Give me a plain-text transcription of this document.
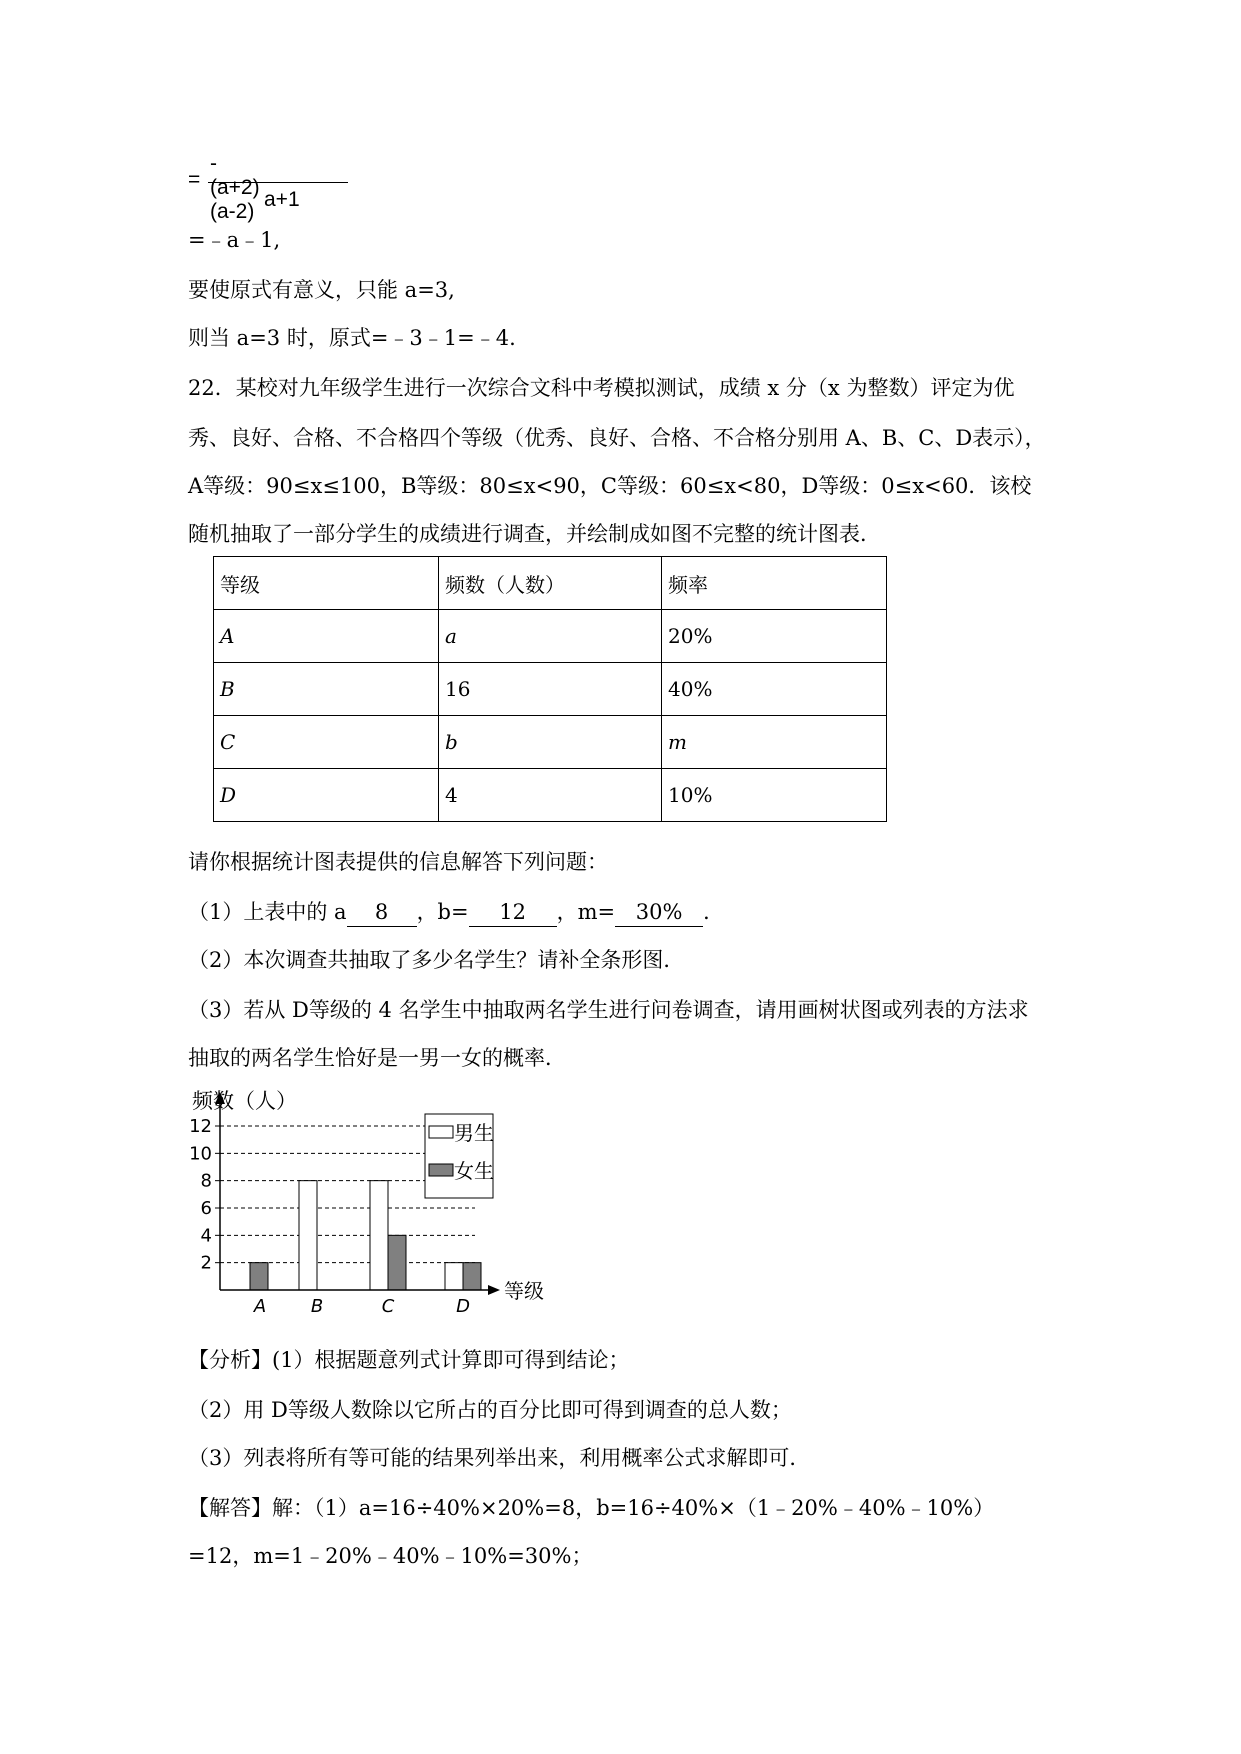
=
-(a+2)(a-2)
a+1
=﹣a﹣1,
要使原式有意义，只能 a=3,
则当 a=3 时，原式=﹣3﹣1=﹣4.
22．某校对九年级学生进行一次综合文科中考模拟测试，成绩 x 分（x 为整数）评定为优
秀、良好、合格、不合格四个等级（优秀、良好、合格、不合格分别用 A、B、C、D表示），
A等级：90≤x≤100，B等级：80≤x<90，C等级：60≤x<80，D等级：0≤x<60．该校
随机抽取了一部分学生的成绩进行调查，并绘制成如图不完整的统计图表．
等级	频数（人数）	频率
A	a	20%
B	16	40%
C	b	m
D	4	10%
请你根据统计图表提供的信息解答下列问题：
（1）上表中的 a 8 ，b= 12 ，m= 30% ．
（2）本次调查共抽取了多少名学生？请补全条形图．
（3）若从 D等级的 4 名学生中抽取两名学生进行问卷调查，请用画树状图或列表的方法求
抽取的两名学生恰好是一男一女的概率．
频数（人）
2
4
6
8
10
12
等级
A B	C	D
男生
女生
【分析】(1）根据题意列式计算即可得到结论；
（2）用 D等级人数除以它所占的百分比即可得到调查的总人数；
（3）列表将所有等可能的结果列举出来，利用概率公式求解即可．
【解答】解：（1）a=16÷40%×20%=8，b=16÷40%×（1﹣20%﹣40%﹣10%）
=12，m=1﹣20%﹣40%﹣10%=30%；
